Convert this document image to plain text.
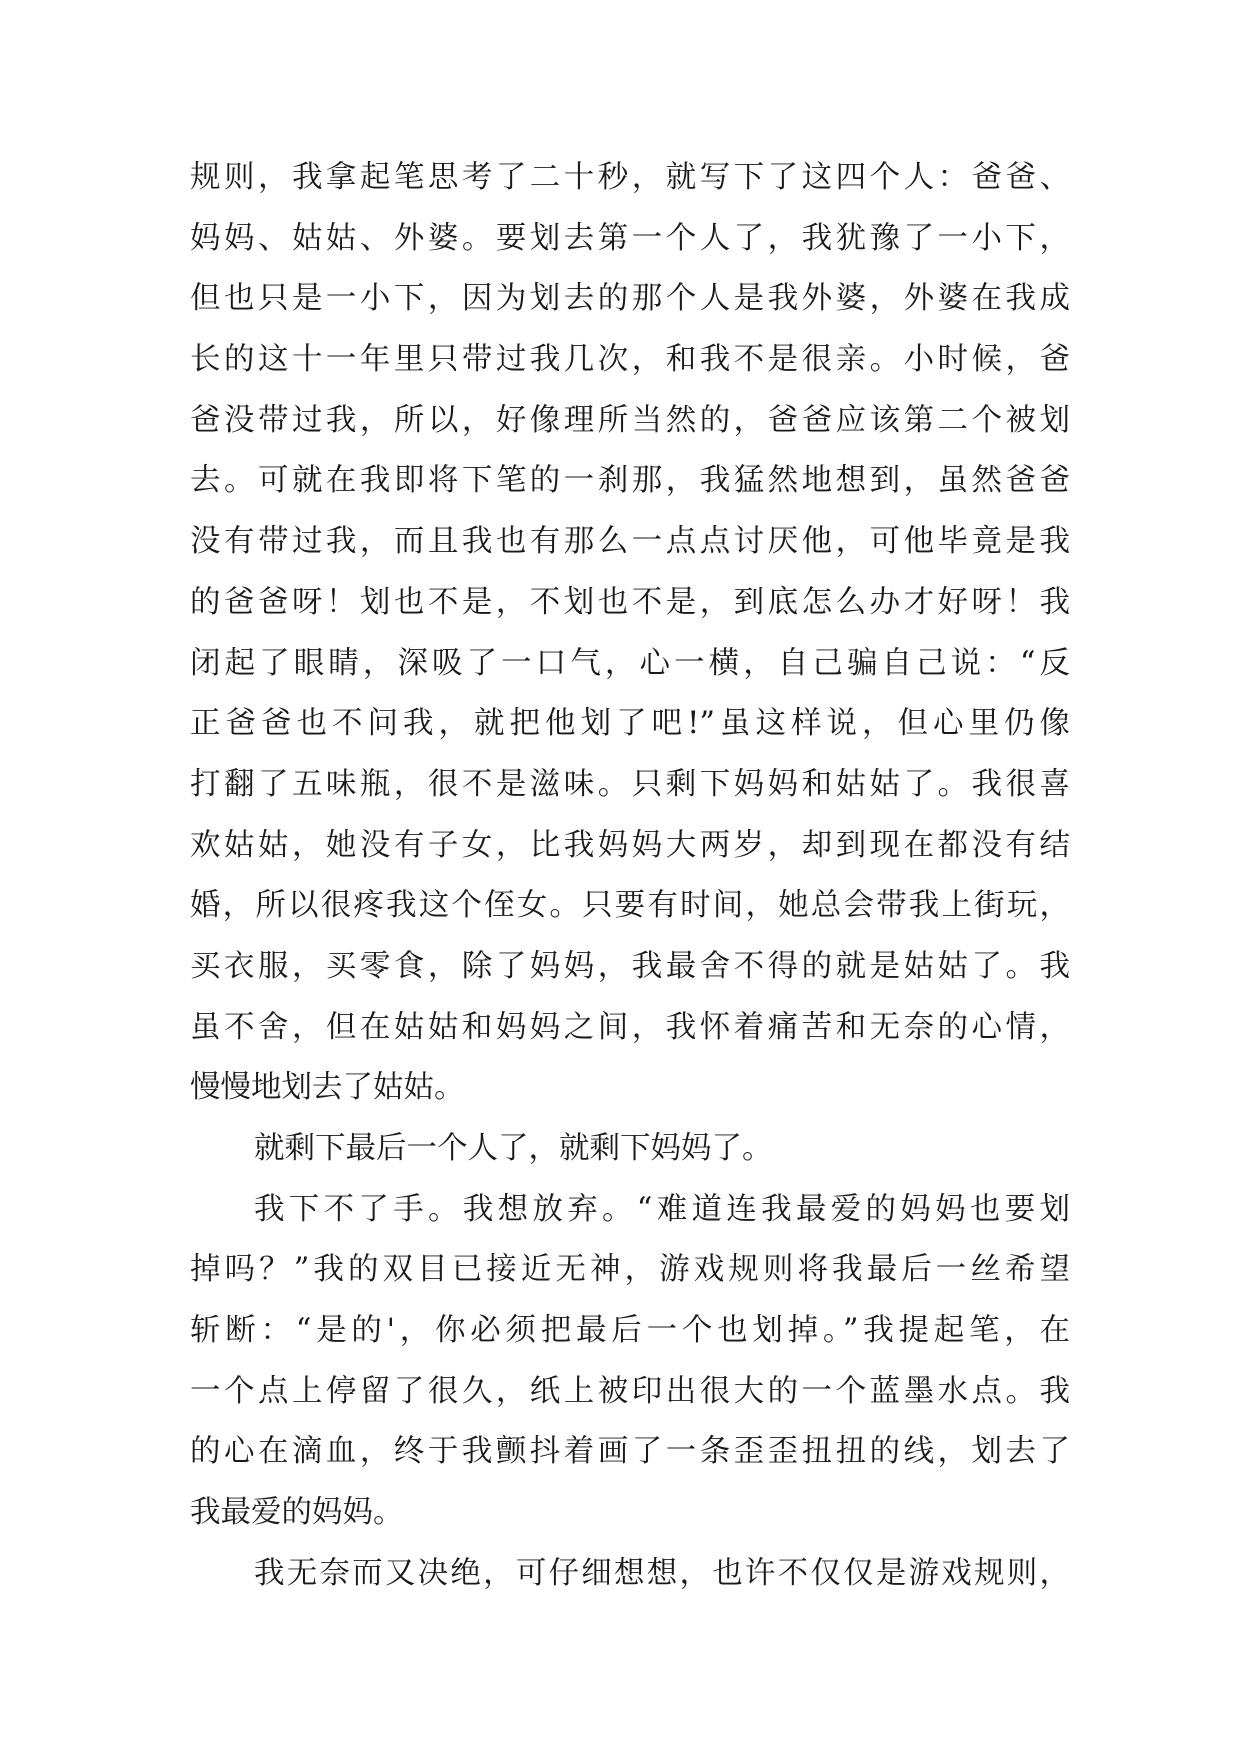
规则，我拿起笔思考了二十秒，就写下了这四个人：爸爸、
妈妈、姑姑、外婆。要划去第一个人了，我犹豫了一小下，
但也只是一小下，因为划去的那个人是我外婆，外婆在我成
长的这十一年里只带过我几次，和我不是很亲。小时候，爸
爸没带过我，所以，好像理所当然的，爸爸应该第二个被划
去。可就在我即将下笔的一刹那，我猛然地想到，虽然爸爸
没有带过我，而且我也有那么一点点讨厌他，可他毕竟是我
的爸爸呀！划也不是，不划也不是，到底怎么办才好呀！我
闭起了眼睛，深吸了一口气，心一横，自己骗自己说：“反
正爸爸也不问我，就把他划了吧!”虽这样说，但心里仍像
打翻了五味瓶，很不是滋味。只剩下妈妈和姑姑了。我很喜
欢姑姑，她没有子女，比我妈妈大两岁，却到现在都没有结
婚，所以很疼我这个侄女。只要有时间，她总会带我上街玩，
买衣服，买零食，除了妈妈，我最舍不得的就是姑姑了。我
虽不舍，但在姑姑和妈妈之间，我怀着痛苦和无奈的心情，
慢慢地划去了姑姑。
就剩下最后一个人了，就剩下妈妈了。
我下不了手。我想放弃。“难道连我最爱的妈妈也要划
掉吗？”我的双目已接近无神，游戏规则将我最后一丝希望
斩断：“是的'，你必须把最后一个也划掉。”我提起笔，在
一个点上停留了很久，纸上被印出很大的一个蓝墨水点。我
的心在滴血，终于我颤抖着画了一条歪歪扭扭的线，划去了
我最爱的妈妈。
我无奈而又决绝，可仔细想想，也许不仅仅是游戏规则，
